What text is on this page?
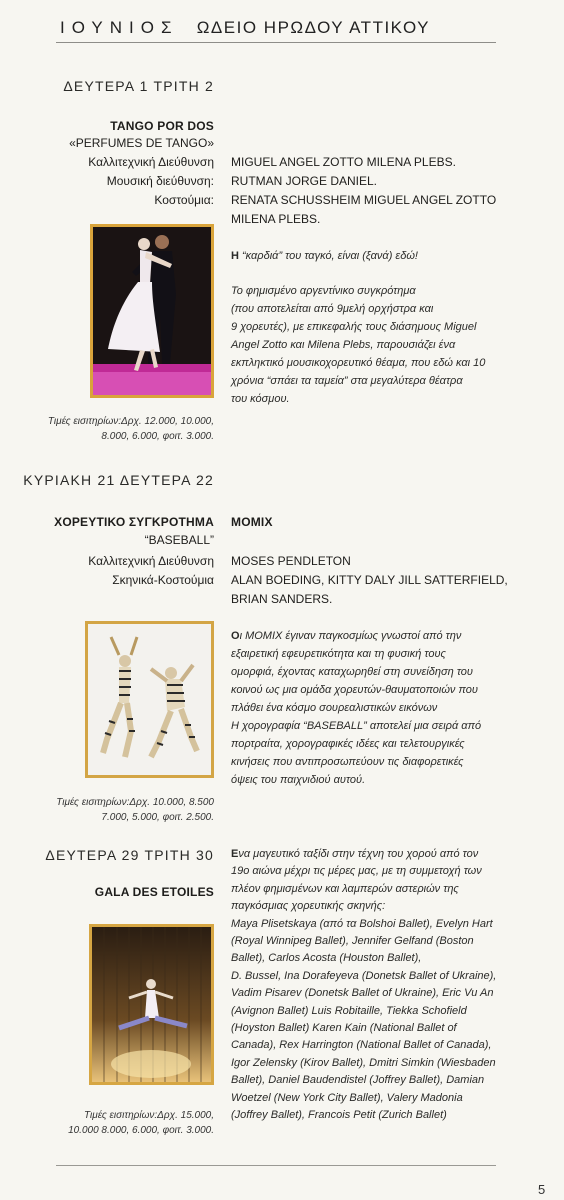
ΙΟΥΝΙΟΣ ΩΔΕΙΟ ΗΡΩΔΟΥ ΑΤΤΙΚΟΥ
ΔΕΥΤΕΡΑ 1 ΤΡΙΤΗ 2
TANGO POR DOS
«PERFUMES DE TANGO»
Καλλιτεχνική Διεύθυνση MIGUEL ANGEL ZOTTO MILENA PLEBS.
Μουσική διεύθυνση: RUTMAN JORGE DANIEL.
Κοστούμια: RENATA SCHUSSHEIM MIGUEL ANGEL ZOTTO
MILENA PLEBS.
Η “καρδιά” του ταγκό, είναι (ξανά) εδώ!
Το φημισμένο αργεντίνικο συγκρότημα
(που αποτελείται από 9μελή ορχήστρα και
9 χορευτές), με επικεφαλής τους διάσημους Miguel
Angel Zotto και Milena Plebs, παρουσιάζει ένα
εκπληκτικό μουσικοχορευτικό θέαμα, που εδώ και 10
χρόνια “σπάει τα ταμεία” στα μεγαλύτερα θέατρα
του κόσμου.
Τιμές εισιτηρίων:Δρχ. 12.000, 10.000,
8.000, 6.000, φοιτ. 3.000.
ΚΥΡΙΑΚΗ 21 ΔΕΥΤΕΡΑ 22
ΧΟΡΕΥΤΙΚΟ ΣΥΓΚΡΟΤΗΜΑ MOMIX
“BASEBALL”
Καλλιτεχνική Διεύθυνση MOSES PENDLETON
Σκηνικά-Κοστούμια ALAN BOEDING, KITTY DALY JILL SATTERFIELD,
BRIAN SANDERS.
Οι MOMIX έγιναν παγκοσμίως γνωστοί από την
εξαιρετική εφευρετικότητα και τη φυσική τους
ομορφιά, έχοντας καταχωρηθεί στη συνείδηση του
κοινού ως μια ομάδα χορευτών-θαυματοποιών που
πλάθει ένα κόσμο σουρεαλιστικών εικόνων
Η χορογραφία “BASEBALL” αποτελεί μια σειρά από
πορτραίτα, χορογραφικές ιδέες και τελετουργικές
κινήσεις που αντιπροσωπεύουν τις διαφορετικές
όψεις του παιχνιδιού αυτού.
Τιμές εισιτηρίων:Δρχ. 10.000, 8.500
7.000, 5.000, φοιτ. 2.500.
ΔΕΥΤΕΡΑ 29 ΤΡΙΤΗ 30
GALA DES ETOILES
Ενα μαγευτικό ταξίδι στην τέχνη του χορού από τον
19ο αιώνα μέχρι τις μέρες μας, με τη συμμετοχή των
πλέον φημισμένων και λαμπερών αστεριών της
παγκόσμιας χορευτικής σκηνής:
Maya Plisetskaya (από τα Bolshoi Ballet), Evelyn Hart
(Royal Winnipeg Ballet), Jennifer Gelfand (Boston
Ballet), Carlos Acosta (Houston Ballet),
D. Bussel, Ina Dorafeyeva (Donetsk Ballet of Ukraine),
Vadim Pisarev (Donetsk Ballet of Ukraine), Eric Vu An
(Avignon Ballet) Luis Robitaille, Tiekka Schofield
(Hoyston Ballet) Karen Kain (National Ballet of
Canada), Rex Harrington (National Ballet of Canada),
Igor Zelensky (Kirov Ballet), Dmitri Simkin (Wiesbaden
Ballet), Daniel Baudendistel (Joffrey Ballet), Damian
Woetzel (New York City Ballet), Valery Madonia
(Joffrey Ballet), Francois Petit (Zurich Ballet)
Τιμές εισιτηρίων:Δρχ. 15.000,
10.000 8.000, 6.000, φοιτ. 3.000.
5
